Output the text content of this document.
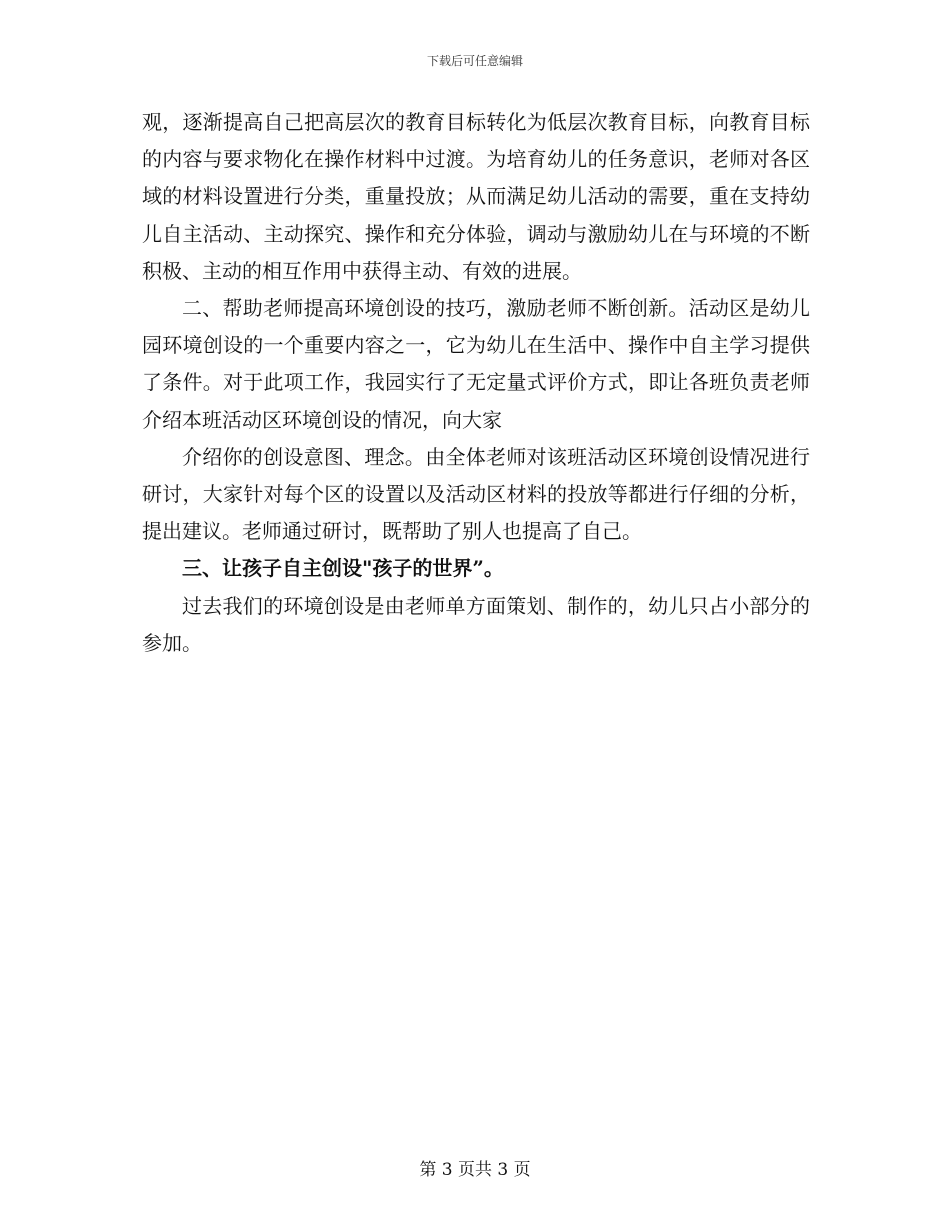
下载后可任意编辑

观，逐渐提高自己把高层次的教育目标转化为低层次教育目标，向教育目标的内容与要求物化在操作材料中过渡。为培育幼儿的任务意识，老师对各区域的材料设置进行分类，重量投放；从而满足幼儿活动的需要，重在支持幼儿自主活动、主动探究、操作和充分体验，调动与激励幼儿在与环境的不断积极、主动的相互作用中获得主动、有效的进展。

二、帮助老师提高环境创设的技巧，激励老师不断创新。活动区是幼儿园环境创设的一个重要内容之一，它为幼儿在生活中、操作中自主学习提供了条件。对于此项工作，我园实行了无定量式评价方式，即让各班负责老师介绍本班活动区环境创设的情况，向大家

介绍你的创设意图、理念。由全体老师对该班活动区环境创设情况进行研讨，大家针对每个区的设置以及活动区材料的投放等都进行仔细的分析，提出建议。老师通过研讨，既帮助了别人也提高了自己。

三、让孩子自主创设"孩子的世界”。

过去我们的环境创设是由老师单方面策划、制作的，幼儿只占小部分的参加。

第 3 页共 3 页
